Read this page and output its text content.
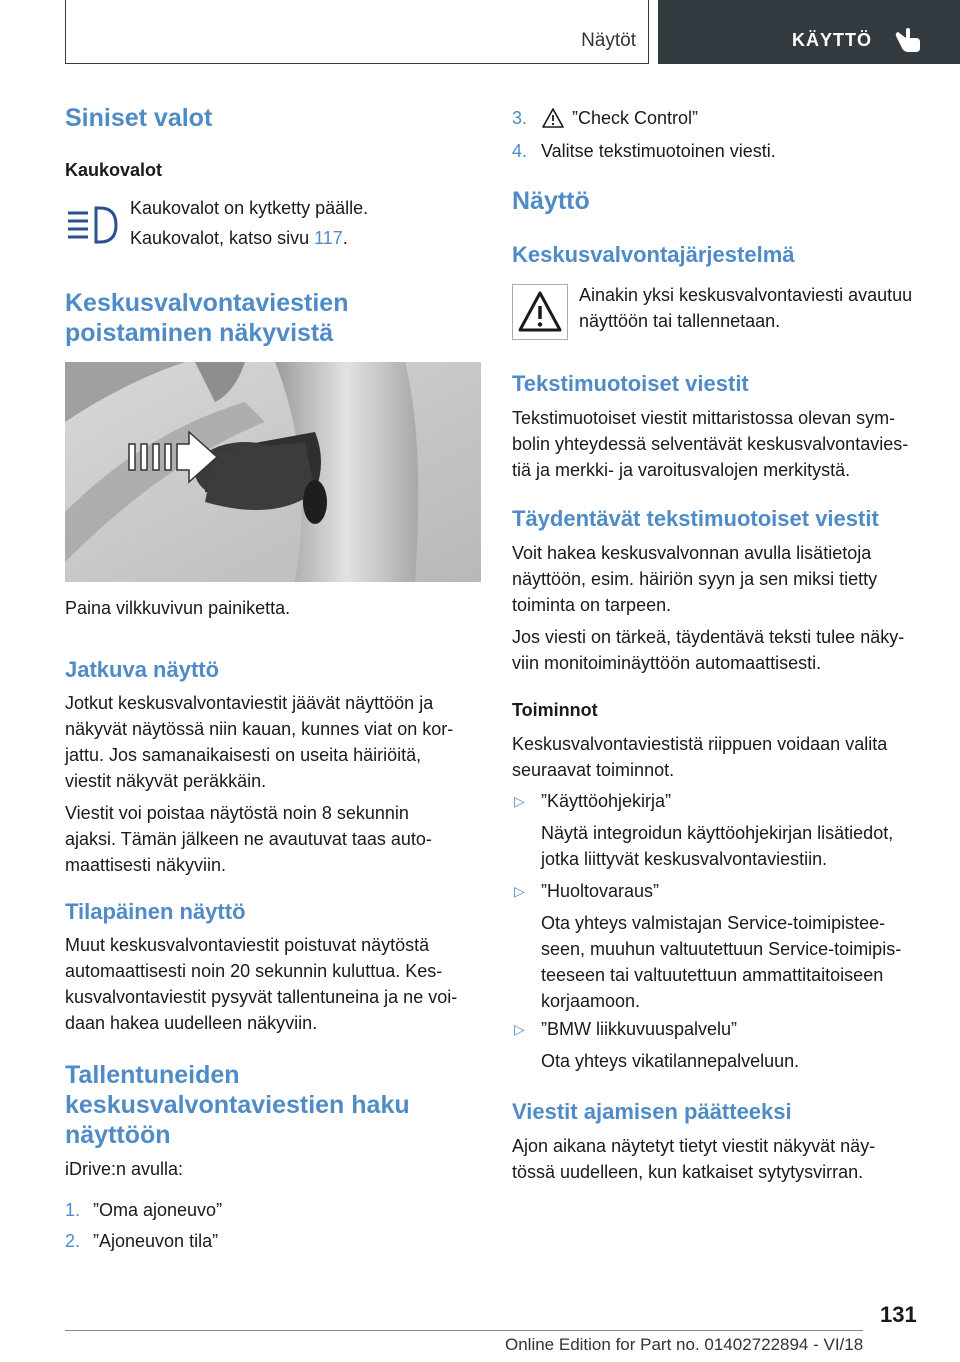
Näytöt	KÄYTTÖ
Siniset valot
Kaukovalot
Kaukovalot on kytketty päälle.
Kaukovalot, katso sivu 117.
Keskusvalvontaviestien
poistaminen näkyvistä
Paina vilkkuvivun painiketta.
Jatkuva näyttö
Jotkut keskusvalvontaviestit jäävät näyttöön ja
näkyvät näytössä niin kauan, kunnes viat on kor-
jattu. Jos samanaikaisesti on useita häiriöitä,
viestit näkyvät peräkkäin.
Viestit voi poistaa näytöstä noin 8 sekunnin
ajaksi. Tämän jälkeen ne avautuvat taas auto-
maattisesti näkyviin.
Tilapäinen näyttö
Muut keskusvalvontaviestit poistuvat näytöstä
automaattisesti noin 20 sekunnin kuluttua. Kes-
kusvalvontaviestit pysyvät tallentuneina ja ne voi-
daan hakea uudelleen näkyviin.
Tallentuneiden
keskusvalvontaviestien haku
näyttöön
iDrive:n avulla:
1. ”Oma ajoneuvo”
2. ”Ajoneuvon tila”
3. ”Check Control”
4. Valitse tekstimuotoinen viesti.
Näyttö
Keskusvalvontajärjestelmä
Ainakin yksi keskusvalvontaviesti avautuu
näyttöön tai tallennetaan.
Tekstimuotoiset viestit
Tekstimuotoiset viestit mittaristossa olevan sym-
bolin yhteydessä selventävät keskusvalvontavies-
tiä ja merkki- ja varoitusvalojen merkitystä.
Täydentävät tekstimuotoiset viestit
Voit hakea keskusvalvonnan avulla lisätietoja
näyttöön, esim. häiriön syyn ja sen miksi tietty
toiminta on tarpeen.
Jos viesti on tärkeä, täydentävä teksti tulee näky-
viin monitoiminäyttöön automaattisesti.
Toiminnot
Keskusvalvontaviestistä riippuen voidaan valita
seuraavat toiminnot.
▷ ”Käyttöohjekirja”
Näytä integroidun käyttöohjekirjan lisätiedot,
jotka liittyvät keskusvalvontaviestiin.
▷ ”Huoltovaraus”
Ota yhteys valmistajan Service-toimipistee-
seen, muuhun valtuutettuun Service-toimipis-
teeseen tai valtuutettuun ammattitaitoiseen
korjaamoon.
▷ ”BMW liikkuvuuspalvelu”
Ota yhteys vikatilannepalveluun.
Viestit ajamisen päätteeksi
Ajon aikana näytetyt tietyt viestit näkyvät näy-
tössä uudelleen, kun katkaiset sytytysvirran.
131
Online Edition for Part no. 01402722894 - VI/18
